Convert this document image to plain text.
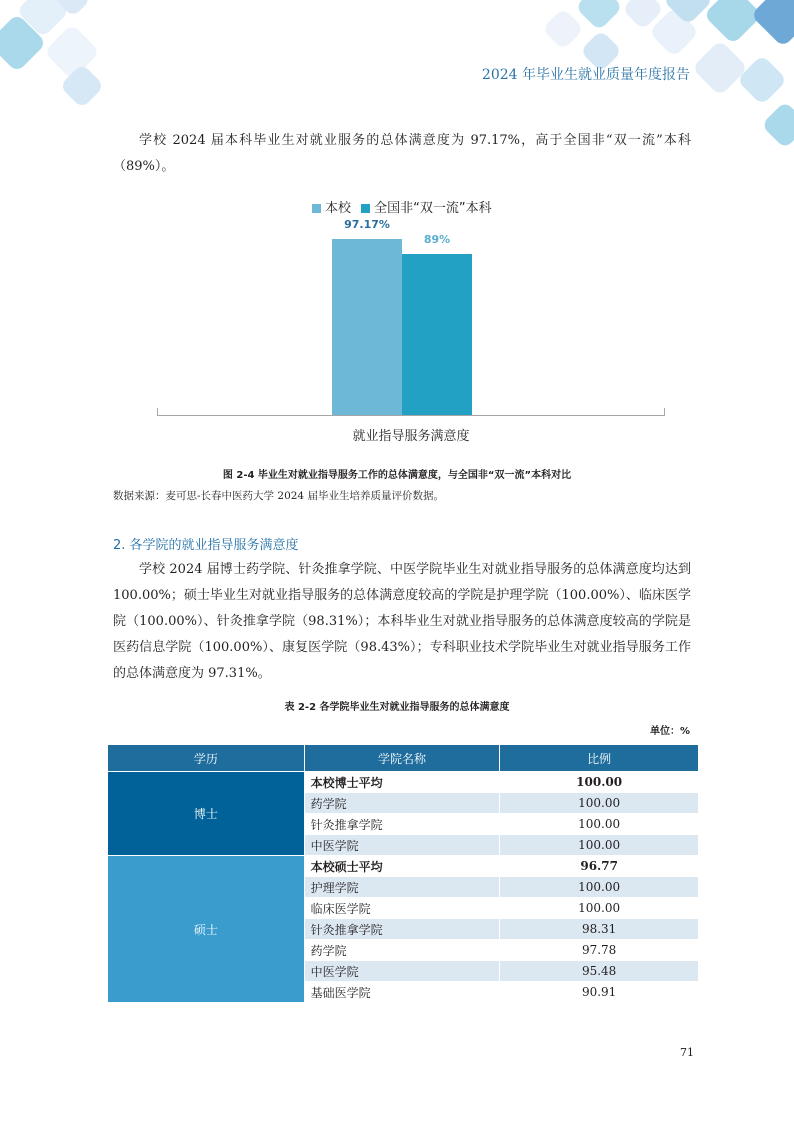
2024 年毕业生就业质量年度报告
学校 2024 届本科毕业生对就业服务的总体满意度为 97.17%，高于全国非“双一流”本科（89%）。
本校 全国非“双一流”本科
97.17%
89%
就业指导服务满意度
图 2-4 毕业生对就业指导服务工作的总体满意度，与全国非“双一流”本科对比
数据来源：麦可思-长春中医药大学 2024 届毕业生培养质量评价数据。
2. 各学院的就业指导服务满意度
学校 2024 届博士药学院、针灸推拿学院、中医学院毕业生对就业指导服务的总体满意度均达到 100.00%；硕士毕业生对就业指导服务的总体满意度较高的学院是护理学院（100.00%）、临床医学院（100.00%）、针灸推拿学院（98.31%）；本科毕业生对就业指导服务的总体满意度较高的学院是医药信息学院（100.00%）、康复医学院（98.43%）；专科职业技术学院毕业生对就业指导服务工作的总体满意度为 97.31%。
表 2-2 各学院毕业生对就业指导服务的总体满意度
单位：%
学历	学院名称	比例
博士	本校博士平均	100.00
	药学院	100.00
	针灸推拿学院	100.00
	中医学院	100.00
硕士	本校硕士平均	96.77
	护理学院	100.00
	临床医学院	100.00
	针灸推拿学院	98.31
	药学院	97.78
	中医学院	95.48
	基础医学院	90.91
71
